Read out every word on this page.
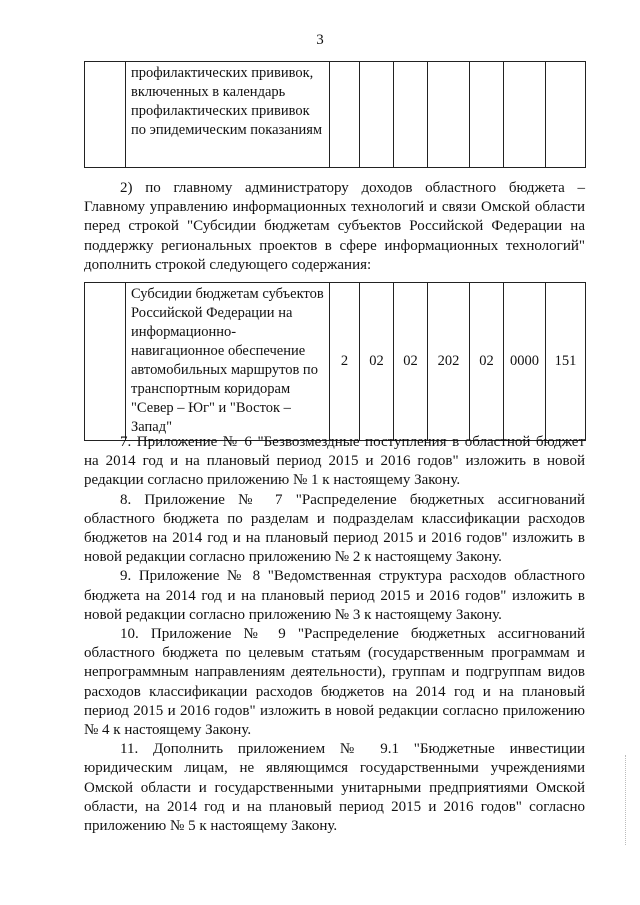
3
	профилактических прививок, включенных в календарь профилактических прививок по эпидемическим показаниям							

2) по главному администратору доходов областного бюджета – Главному управлению информационных технологий и связи Омской области перед строкой "Субсидии бюджетам субъектов Российской Федерации на поддержку региональных проектов в сфере информационных технологий" дополнить строкой следующего содержания:

	Субсидии бюджетам субъектов Российской Федерации на информационно-навигационное обеспечение автомобильных маршрутов по транспортным коридорам "Север – Юг" и "Восток – Запад"	2	02	02	202	02	0000	151

7. Приложение № 6 "Безвозмездные поступления в областной бюджет на 2014 год и на плановый период 2015 и 2016 годов" изложить в новой редакции согласно приложению № 1 к настоящему Закону.

8. Приложение № 7 "Распределение бюджетных ассигнований областного бюджета по разделам и подразделам классификации расходов бюджетов на 2014 год и на плановый период 2015 и 2016 годов" изложить в новой редакции согласно приложению № 2 к настоящему Закону.

9. Приложение № 8 "Ведомственная структура расходов областного бюджета на 2014 год и на плановый период 2015 и 2016 годов" изложить в новой редакции согласно приложению № 3 к настоящему Закону.

10. Приложение № 9 "Распределение бюджетных ассигнований областного бюджета по целевым статьям (государственным программам и непрограммным направлениям деятельности), группам и подгруппам видов расходов классификации расходов бюджетов на 2014 год и на плановый период 2015 и 2016 годов" изложить в новой редакции согласно приложению № 4 к настоящему Закону.

11. Дополнить приложением № 9.1 "Бюджетные инвестиции юридическим лицам, не являющимся государственными учреждениями Омской области и государственными унитарными предприятиями Омской области, на 2014 год и на плановый период 2015 и 2016 годов" согласно приложению № 5 к настоящему Закону.
